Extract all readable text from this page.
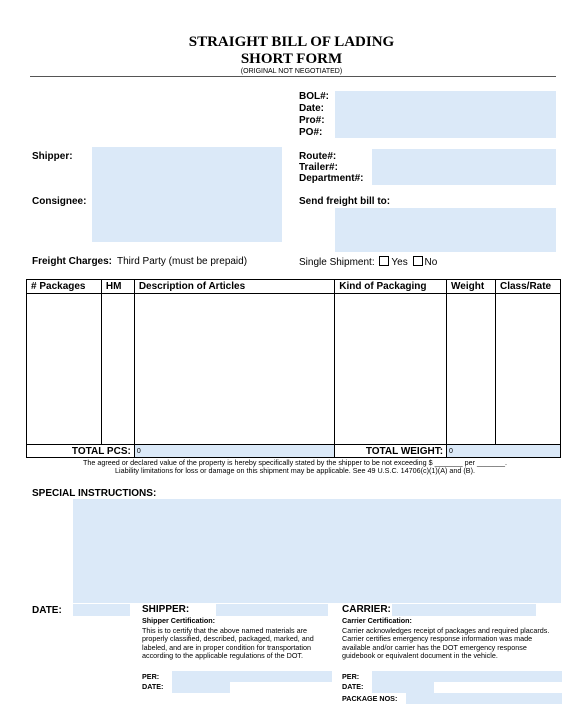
STRAIGHT BILL OF LADING
SHORT FORM
(ORIGINAL NOT NEGOTIATED)
BOL#:
Date:
Pro#:
PO#:
Shipper:
Consignee:
Route#:
Trailer#:
Department#:
Send freight bill to:
Freight Charges: Third Party (must be prepaid)	Single Shipment: Yes No
# Packages	HM	Description of Articles	Kind of Packaging	Weight	Class/Rate

TOTAL PCS:		0	TOTAL WEIGHT:	0	
The agreed or declared value of the property is hereby specifically stated by the shipper to be not exceeding $ _______ per _______.
Liability limitations for loss or damage on this shipment may be applicable. See 49 U.S.C. 14706(c)(1)(A) and (B).
SPECIAL INSTRUCTIONS:
DATE:	SHIPPER:
Shipper Certification:
This is to certify that the above named materials are properly classified, described, packaged, marked, and labeled, and are in proper condition for transportation according to the applicable regulations of the DOT.
PER:
DATE:
CARRIER:
Carrier Certification:
Carrier acknowledges receipt of packages and required placards. Carrier certifies emergency response information was made available and/or carrier has the DOT emergency response guidebook or equivalent document in the vehicle.
PER:
DATE:
PACKAGE NOS:
